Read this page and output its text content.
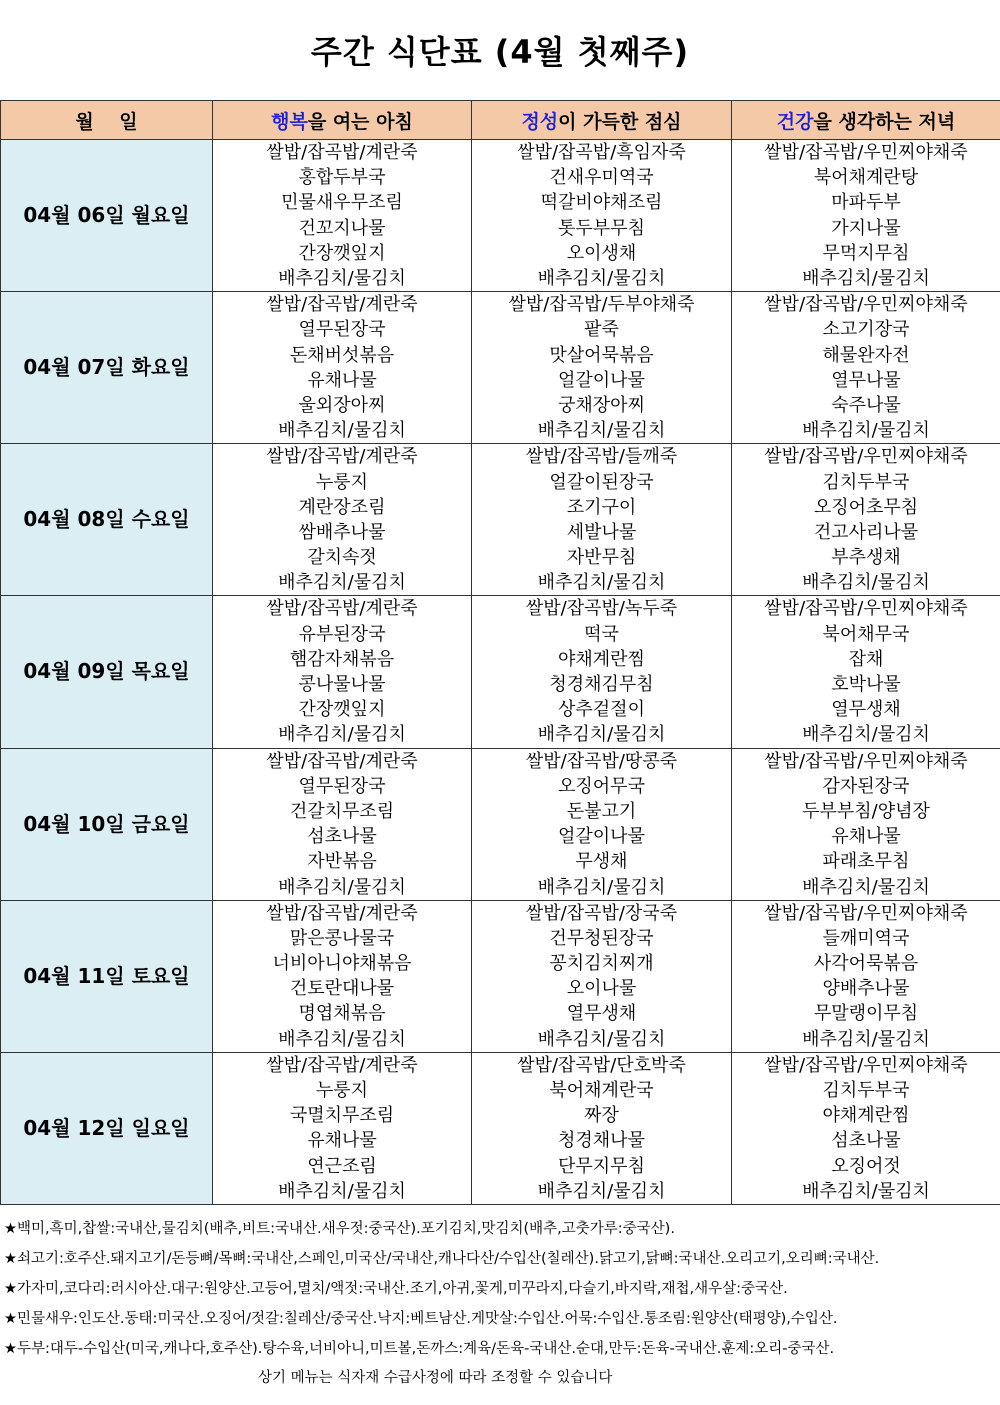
주간 식단표 (4월 첫째주)
월　 일	행복을 여는 아침	정성이 가득한 점심	건강을 생각하는 저녁
04월 06일 월요일	쌀밥/잡곡밥/계란죽	쌀밥/잡곡밥/흑임자죽	쌀밥/잡곡밥/우민찌야채죽
	홍합두부국	건새우미역국	북어채계란탕
	민물새우무조림	떡갈비야채조림	마파두부
	건꼬지나물	톳두부무침	가지나물
	간장깻잎지	오이생채	무먹지무침
	배추김치/물김치	배추김치/물김치	배추김치/물김치
04월 07일 화요일	쌀밥/잡곡밥/계란죽	쌀밥/잡곡밥/두부야채죽	쌀밥/잡곡밥/우민찌야채죽
	열무된장국	팥죽	소고기장국
	돈채버섯볶음	맛살어묵볶음	해물완자전
	유채나물	얼갈이나물	열무나물
	울외장아찌	궁채장아찌	숙주나물
	배추김치/물김치	배추김치/물김치	배추김치/물김치
04월 08일 수요일	쌀밥/잡곡밥/계란죽	쌀밥/잡곡밥/들깨죽	쌀밥/잡곡밥/우민찌야채죽
	누룽지	얼갈이된장국	김치두부국
	계란장조림	조기구이	오징어초무침
	쌈배추나물	세발나물	건고사리나물
	갈치속젓	자반무침	부추생채
	배추김치/물김치	배추김치/물김치	배추김치/물김치
04월 09일 목요일	쌀밥/잡곡밥/계란죽	쌀밥/잡곡밥/녹두죽	쌀밥/잡곡밥/우민찌야채죽
	유부된장국	떡국	북어채무국
	햄감자채볶음	야채계란찜	잡채
	콩나물나물	청경채김무침	호박나물
	간장깻잎지	상추겉절이	열무생채
	배추김치/물김치	배추김치/물김치	배추김치/물김치
04월 10일 금요일	쌀밥/잡곡밥/계란죽	쌀밥/잡곡밥/땅콩죽	쌀밥/잡곡밥/우민찌야채죽
	열무된장국	오징어무국	감자된장국
	건갈치무조림	돈불고기	두부부침/양념장
	섬초나물	얼갈이나물	유채나물
	자반볶음	무생채	파래초무침
	배추김치/물김치	배추김치/물김치	배추김치/물김치
04월 11일 토요일	쌀밥/잡곡밥/계란죽	쌀밥/잡곡밥/장국죽	쌀밥/잡곡밥/우민찌야채죽
	맑은콩나물국	건무청된장국	들깨미역국
	너비아니야채볶음	꽁치김치찌개	사각어묵볶음
	건토란대나물	오이나물	양배추나물
	명엽채볶음	열무생채	무말랭이무침
	배추김치/물김치	배추김치/물김치	배추김치/물김치
04월 12일 일요일	쌀밥/잡곡밥/계란죽	쌀밥/잡곡밥/단호박죽	쌀밥/잡곡밥/우민찌야채죽
	누룽지	북어채계란국	김치두부국
	국멸치무조림	짜장	야채계란찜
	유채나물	청경채나물	섬초나물
	연근조림	단무지무침	오징어젓
	배추김치/물김치	배추김치/물김치	배추김치/물김치
★백미,흑미,찹쌀:국내산,물김치(배추,비트:국내산.새우젓:중국산).포기김치,맛김치(배추,고춧가루:중국산).
★쇠고기:호주산.돼지고기/돈등뼈/목뼈:국내산,스페인,미국산/국내산,캐나다산/수입산(칠레산).닭고기,닭뼈:국내산.오리고기,오리뼈:국내산.
★가자미,코다리:러시아산.대구:원양산.고등어,멸치/액젓:국내산.조기,아귀,꽃게,미꾸라지,다슬기,바지락,재첩,새우살:중국산.
★민물새우:인도산.동태:미국산.오징어/젓갈:칠레산/중국산.낙지:베트남산.게맛살:수입산.어묵:수입산.통조림:원양산(태평양),수입산.
★두부:대두-수입산(미국,캐나다,호주산).탕수육,너비아니,미트볼,돈까스:계육/돈육-국내산.순대,만두:돈육-국내산.훈제:오리-중국산.
상기 메뉴는 식자재 수급사정에 따라 조정할 수 있습니다
